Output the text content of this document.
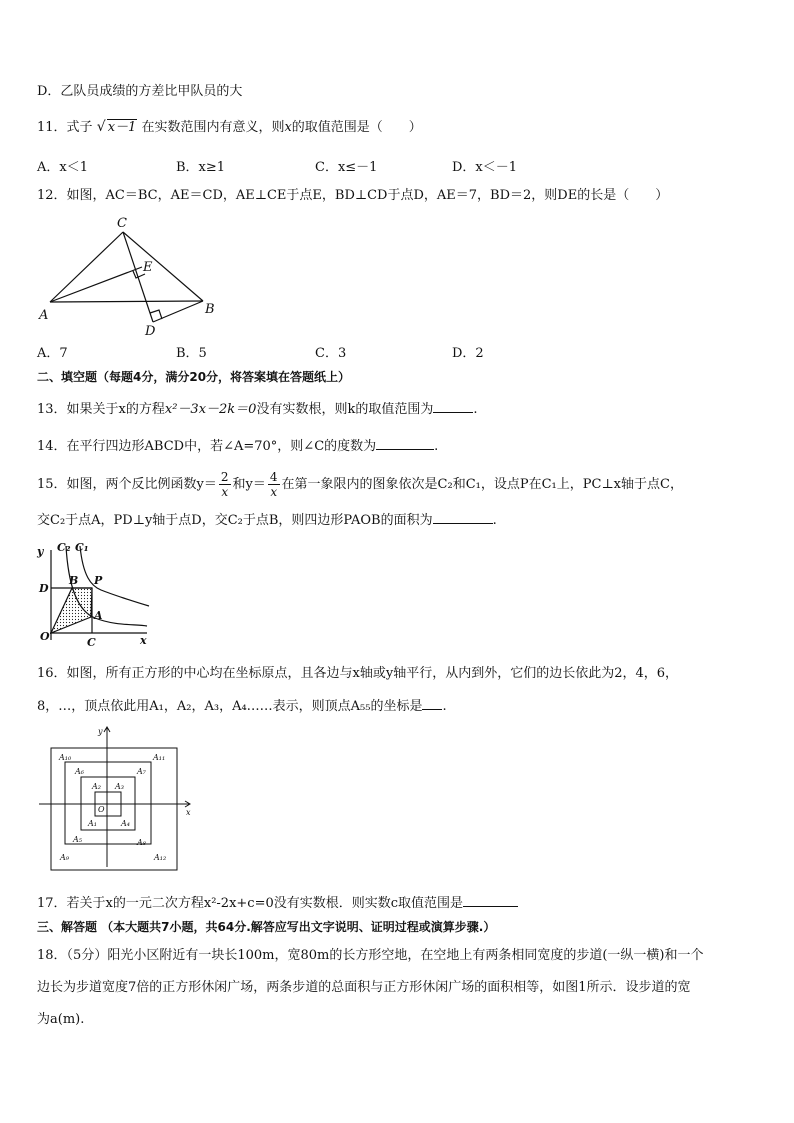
D．乙队员成绩的方差比甲队员的大
11．式子 √ x－1 在实数范围内有意义，则x的取值范围是（　　）
A．x＜1	B．x≥1	C．x≤－1	D．x＜－1
12．如图，AC＝BC，AE＝CD，AE⊥CE于点E，BD⊥CD于点D，AE＝7，BD＝2，则DE的长是（　　）
C
E
A	B
D
A．7	B．5	C．3	D．2
二、填空题（每题4分，满分20分，将答案填在答题纸上）
13．如果关于x的方程x²－3x－2k＝0没有实数根，则k的取值范围为	.
14．在平行四边形ABCD中，若∠A=70°，则∠C的度数为	.
15．如图，两个反比例函数$y= \frac{2}{x}$ 和$y= \frac{4}{x}$ 在第一象限内的图象依次是C₂和C₁，设点P在C₁上，PC⊥x轴于点C，
交C₂于点A，PD⊥y轴于点D，交C₂于点B，则四边形PAOB的面积为	.
y C₂ C₁
D
B P
A
O	C	x
16．如图，所有正方形的中心均在坐标原点，且各边与x轴或y轴平行，从内到外，它们的边长依此为2，4，6，
8，…，顶点依此用A₁，A₂，A₃，A₄……表示，则顶点A₅₅的坐标是 .
y
x
O
A₁
A₂ A₃
A₄
A₅
A₆	A₇
A₈
A₉
A₁₀	A₁₁
A₁₂
17．若关于x的一元二次方程x²-2x+c=0没有实数根．则实数c取值范围是
三、解答题 （本大题共7小题，共64分.解答应写出文字说明、证明过程或演算步骤.）
18．（5分）阳光小区附近有一块长100m，宽80m的长方形空地，在空地上有两条相同宽度的步道(一纵一横)和一个
边长为步道宽度7倍的正方形休闲广场，两条步道的总面积与正方形休闲广场的面积相等，如图1所示．设步道的宽
为a(m).
